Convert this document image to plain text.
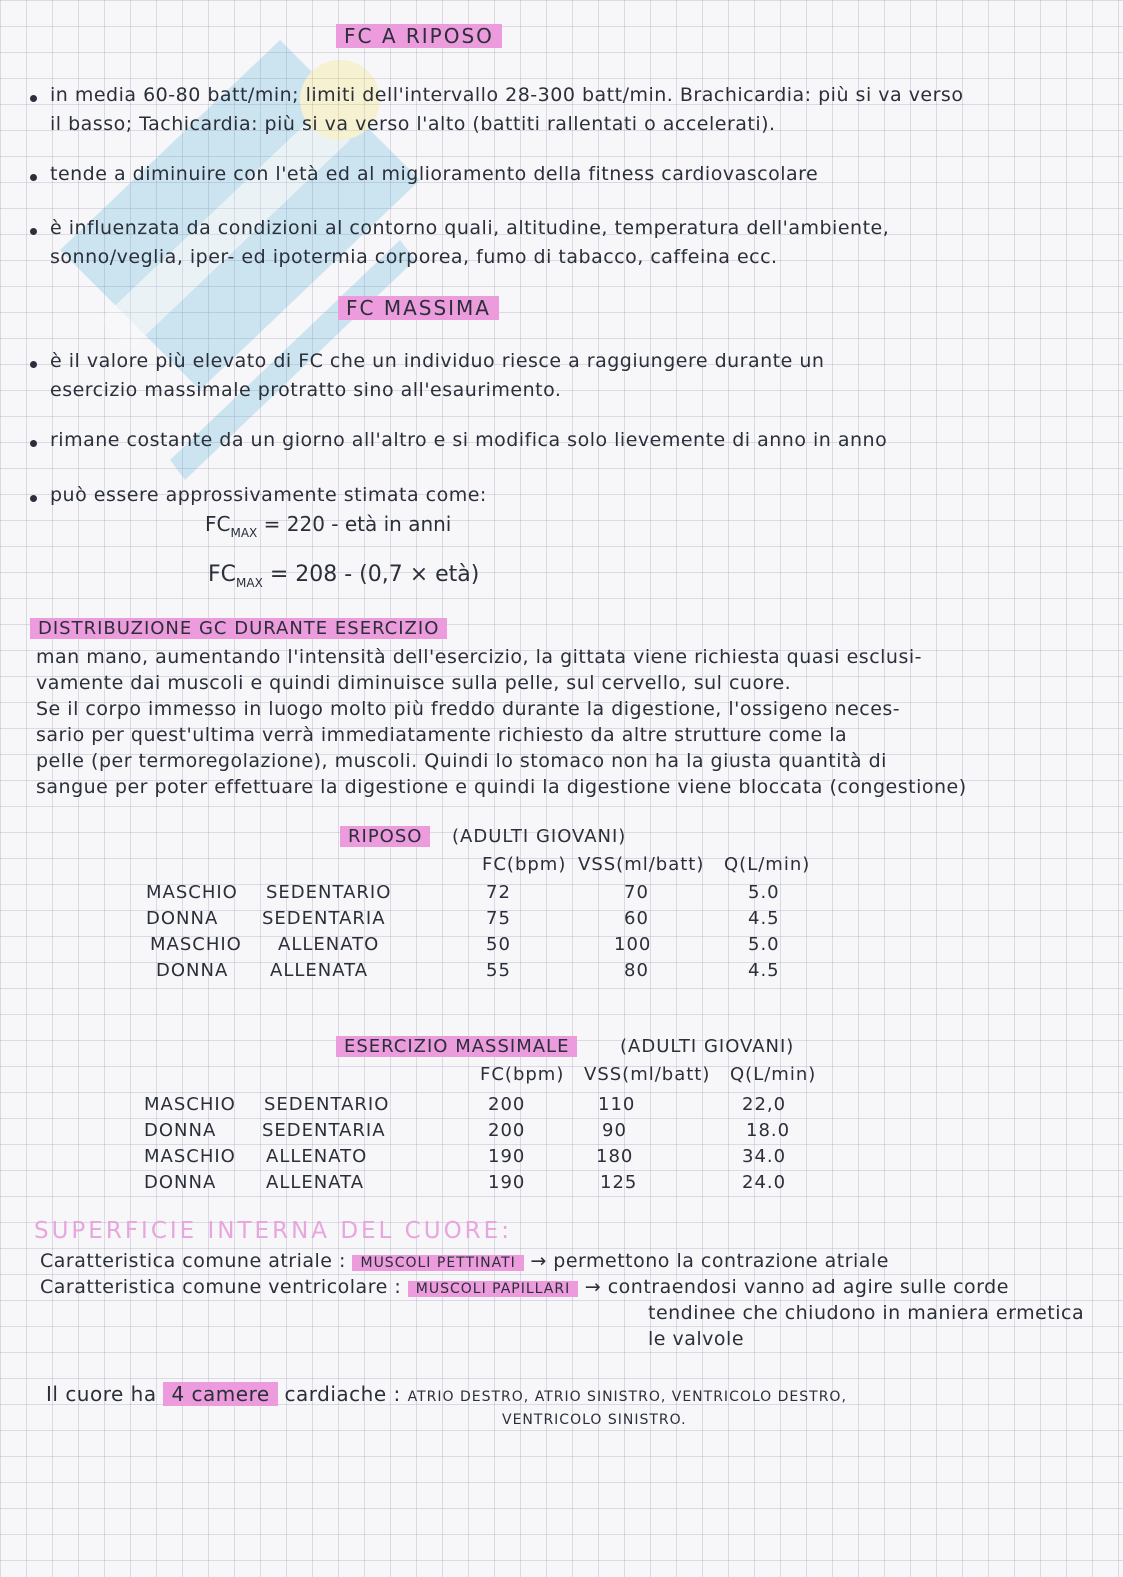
FC A RIPOSO
in media 60-80 batt/min; limiti dell'intervallo 28-300 batt/min. Brachicardia: più si va verso
il basso; Tachicardia: più si va verso l'alto (battiti rallentati o accelerati).
tende a diminuire con l'età ed al miglioramento della fitness cardiovascolare
è influenzata da condizioni al contorno quali, altitudine, temperatura dell'ambiente,
sonno/veglia, iper- ed ipotermia corporea, fumo di tabacco, caffeina ecc.
FC MASSIMA
è il valore più elevato di FC che un individuo riesce a raggiungere durante un
esercizio massimale protratto sino all'esaurimento.
rimane costante da un giorno all'altro e si modifica solo lievemente di anno in anno
può essere approssivamente stimata come:
$FC_{MAX} = 220$ - età in anni
$FC_{MAX} = 208 - (0,7$ × età)
DISTRIBUZIONE GC DURANTE ESERCIZIO
man mano, aumentando l'intensità dell'esercizio, la gittata viene richiesta quasi esclusi-
vamente dai muscoli e quindi diminuisce sulla pelle, sul cervello, sul cuore.
Se il corpo immesso in luogo molto più freddo durante la digestione, l'ossigeno neces-
sario per quest'ultima verrà immediatamente richiesto da altre strutture come la
pelle (per termoregolazione), muscoli. Quindi lo stomaco non ha la giusta quantità di
sangue per poter effettuare la digestione e quindi la digestione viene bloccata (congestione)
RIPOSO	(ADULTI GIOVANI)
FC(bpm) VSS(ml/batt) Q(L/min)
MASCHIO SEDENTARIO	72	70	5.0
DONNA SEDENTARIA	75	60	4.5
MASCHIO ALLENATO	50	100	5.0
DONNA ALLENATA	55	80	4.5
ESERCIZIO MASSIMALE	(ADULTI GIOVANI)
FC(bpm) VSS(ml/batt) Q(L/min)
MASCHIO SEDENTARIO	200	110	22,0
DONNA	SEDENTARIA	200	90	18.0
MASCHIO ALLENATO	190	180	34.0
DONNA	ALLENATA	190	125	24.0
SUPERFICIE INTERNA DEL CUORE:
Caratteristica comune atriale : MUSCOLI PETTINATI → permettono la contrazione atriale
Caratteristica comune ventricolare : MUSCOLI PAPILLARI → contraendosi vanno ad agire sulle corde
tendinee che chiudono in maniera ermetica
le valvole
Il cuore ha 4 camere cardiache : ATRIO DESTRO, ATRIO SINISTRO, VENTRICOLO DESTRO,
VENTRICOLO SINISTRO.
